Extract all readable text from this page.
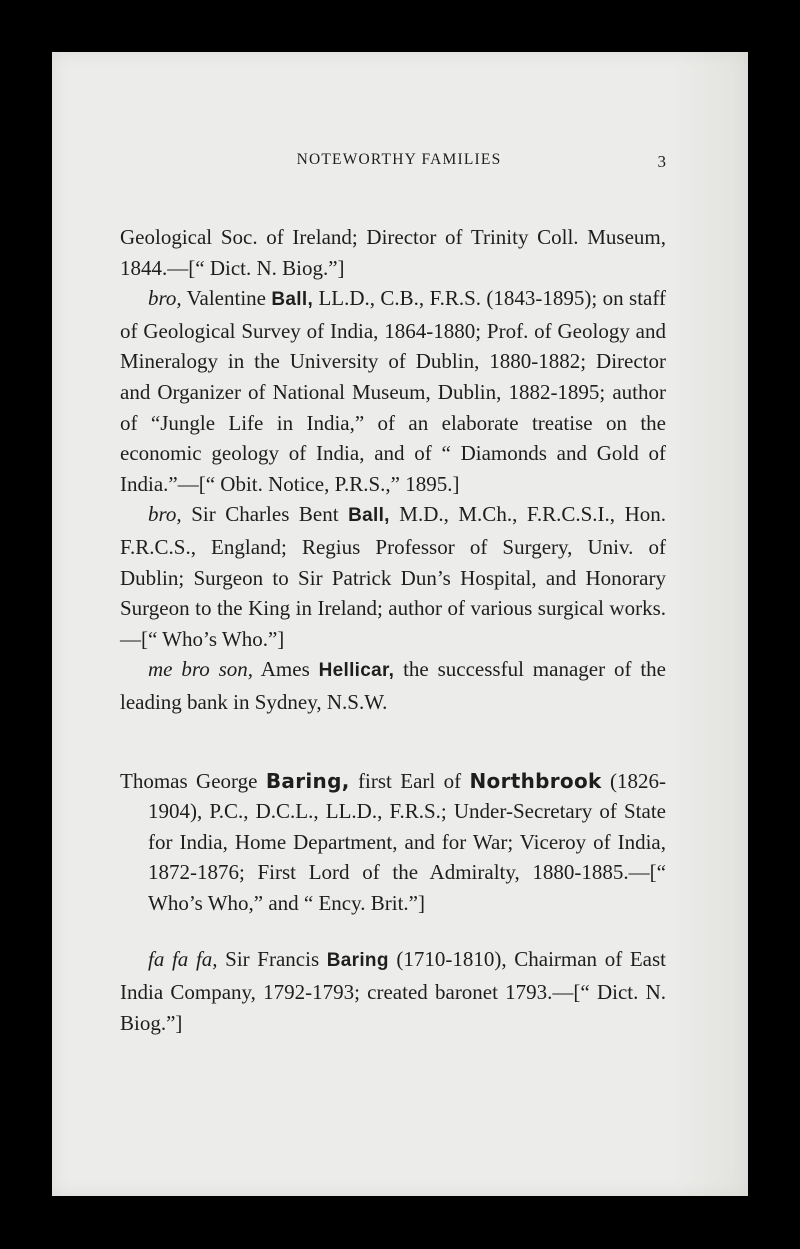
NOTEWORTHY FAMILIES	3

Geological Soc. of Ireland; Director of Trinity Coll. Museum, 1844.—[“ Dict. N. Biog.”]

bro, Valentine Ball, LL.D., C.B., F.R.S. (1843-1895); on staff of Geological Survey of India, 1864-1880; Prof. of Geology and Mineralogy in the University of Dublin, 1880-1882; Director and Organizer of National Museum, Dublin, 1882-1895; author of “Jungle Life in India,” of an elaborate treatise on the economic geology of India, and of “ Diamonds and Gold of India.”—[“ Obit. Notice, P.R.S.,” 1895.]

bro, Sir Charles Bent Ball, M.D., M.Ch., F.R.C.S.I., Hon. F.R.C.S., England; Regius Professor of Surgery, Univ. of Dublin; Surgeon to Sir Patrick Dun’s Hospital, and Honorary Surgeon to the King in Ireland; author of various surgical works.—[“ Who’s Who.”]

me bro son, Ames Hellicar, the successful manager of the leading bank in Sydney, N.S.W.

Thomas George Baring, first Earl of Northbrook (1826-1904), P.C., D.C.L., LL.D., F.R.S.; Under-Secretary of State for India, Home Department, and for War; Viceroy of India, 1872-1876; First Lord of the Admiralty, 1880-1885.—[“ Who’s Who,” and “ Ency. Brit.”]

fa fa fa, Sir Francis Baring (1710-1810), Chairman of East India Company, 1792-1793; created baronet 1793.—[“ Dict. N. Biog.”]
